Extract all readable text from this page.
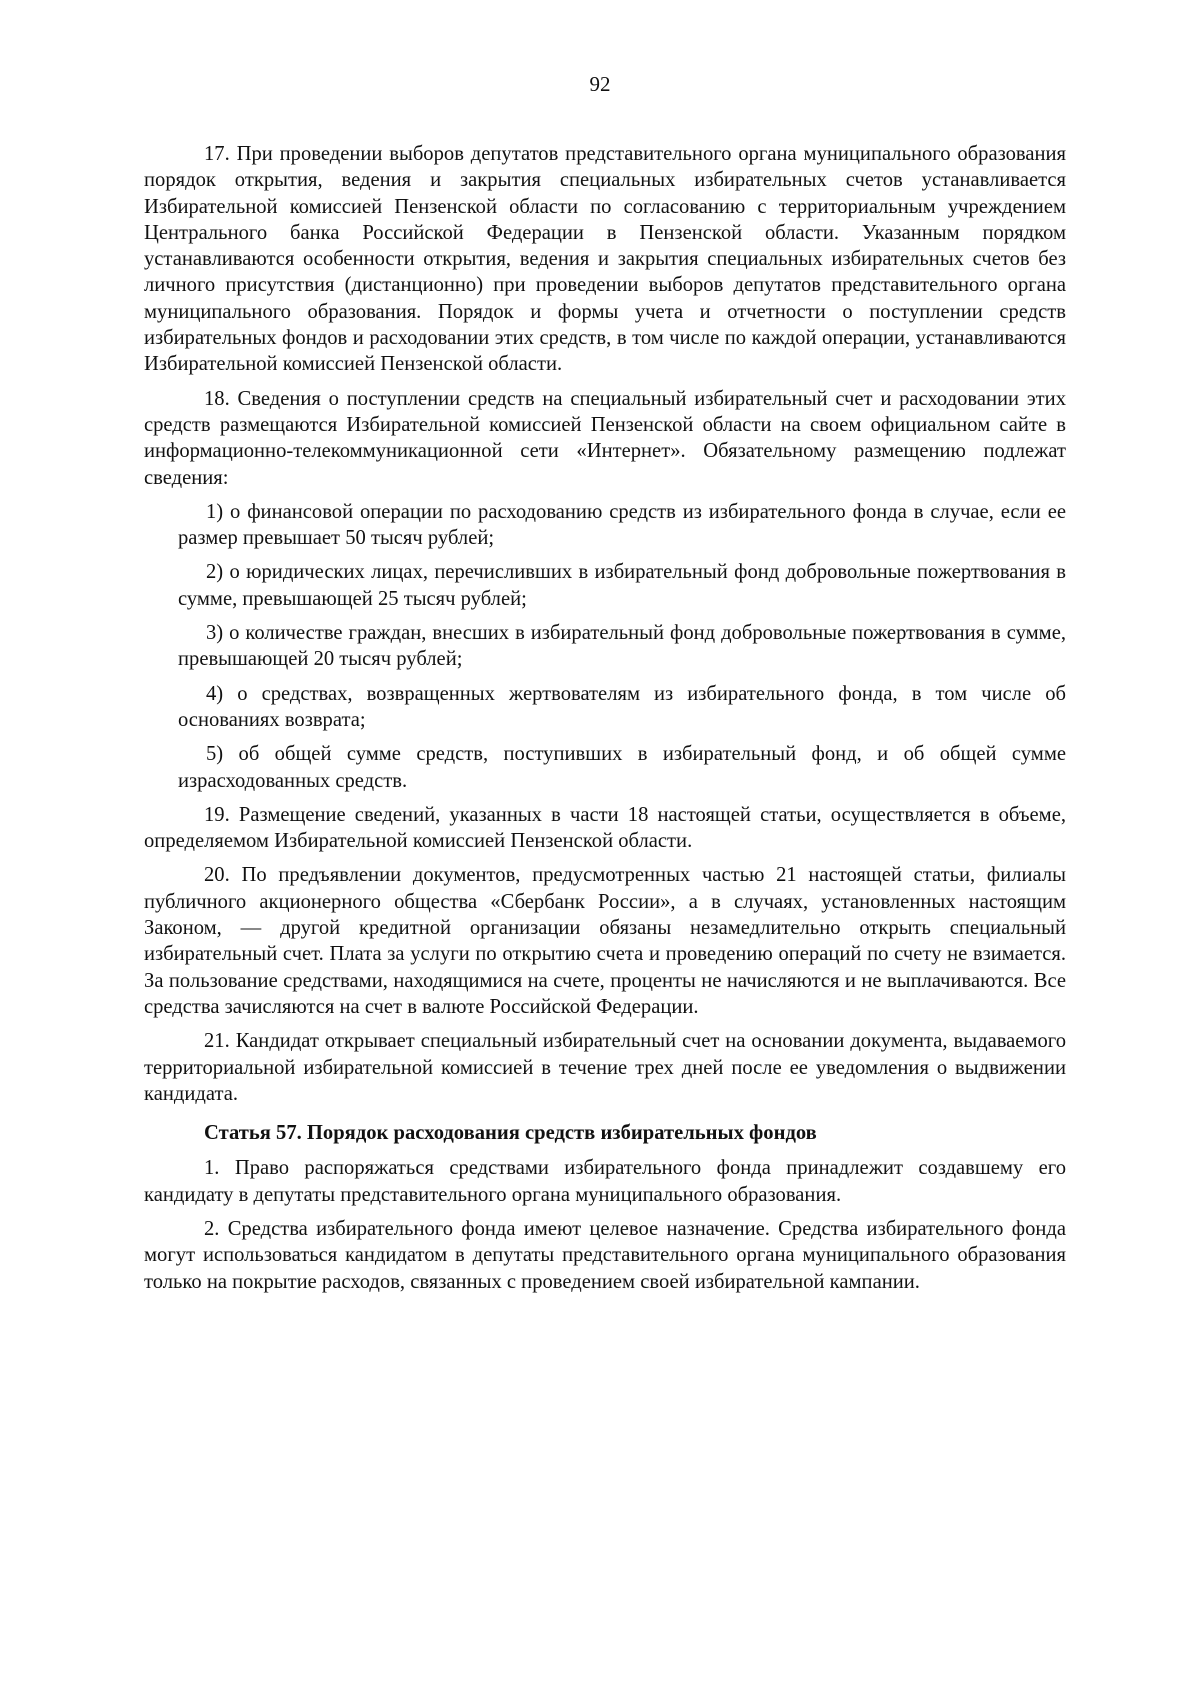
92

17. При проведении выборов депутатов представительного органа муниципального образования порядок открытия, ведения и закрытия специальных избирательных счетов устанавливается Избирательной комиссией Пензенской области по согласованию с территориальным учреждением Центрального банка Российской Федерации в Пензенской области. Указанным порядком устанавливаются особенности открытия, ведения и закрытия специальных избирательных счетов без личного присутствия (дистанционно) при проведении выборов депутатов представительного органа муниципального образования. Порядок и формы учета и отчетности о поступлении средств избирательных фондов и расходовании этих средств, в том числе по каждой операции, устанавливаются Избирательной комиссией Пензенской области.

18. Сведения о поступлении средств на специальный избирательный счет и расходовании этих средств размещаются Избирательной комиссией Пензенской области на своем официальном сайте в информационно-телекоммуникационной сети «Интернет». Обязательному размещению подлежат сведения:

1) о финансовой операции по расходованию средств из избирательного фонда в случае, если ее размер превышает 50 тысяч рублей;

2) о юридических лицах, перечисливших в избирательный фонд добровольные пожертвования в сумме, превышающей 25 тысяч рублей;

3) о количестве граждан, внесших в избирательный фонд добровольные пожертвования в сумме, превышающей 20 тысяч рублей;

4) о средствах, возвращенных жертвователям из избирательного фонда, в том числе об основаниях возврата;

5) об общей сумме средств, поступивших в избирательный фонд, и об общей сумме израсходованных средств.

19. Размещение сведений, указанных в части 18 настоящей статьи, осуществляется в объеме, определяемом Избирательной комиссией Пензенской области.

20. По предъявлении документов, предусмотренных частью 21 настоящей статьи, филиалы публичного акционерного общества «Сбербанк России», а в случаях, установленных настоящим Законом, — другой кредитной организации обязаны незамедлительно открыть специальный избирательный счет. Плата за услуги по открытию счета и проведению операций по счету не взимается. За пользование средствами, находящимися на счете, проценты не начисляются и не выплачиваются. Все средства зачисляются на счет в валюте Российской Федерации.

21. Кандидат открывает специальный избирательный счет на основании документа, выдаваемого территориальной избирательной комиссией в течение трех дней после ее уведомления о выдвижении кандидата.

Статья 57. Порядок расходования средств избирательных фондов

1. Право распоряжаться средствами избирательного фонда принадлежит создавшему его кандидату в депутаты представительного органа муниципального образования.

2. Средства избирательного фонда имеют целевое назначение. Средства избирательного фонда могут использоваться кандидатом в депутаты представительного органа муниципального образования только на покрытие расходов, связанных с проведением своей избирательной кампании.
